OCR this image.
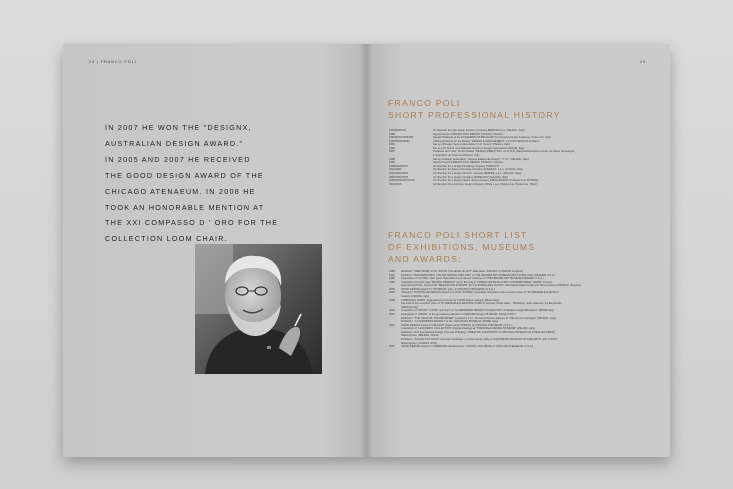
24 | FRANCO POLI
IN 2007 HE WON THE "DESIGNX,
AUSTRALIAN DESIGN AWARD."
IN 2005 AND 2007 HE RECEIVED
THE GOOD DESIGN AWARD OF THE
CHICAGO ATENAEUM. IN 2008 HE
TOOK AN HONORABLE MENTION AT
THE XXI COMPASSO D ' ORO FOR THE
COLLECTION LOOM CHAIR.
25
FRANCO POLI
SHORT PROFESSIONAL HISTORY
1978/80/81/82	Art direction for high design furniture company BERNINI s.p.a. (MILANO, Italy)
1988	Opens his own FRANCO POLI DESIGN STUDIO in Verona
1990/91/92/93/94/95	Design Professor at the ACCADEMIA DI BELLE ARTI di Venezia (Venice Academy of Fine Arts, Italy)
1992/93/94/95/96	Visiting professor for the Master "DESIGN & MANAGEMENT" c/o POLITECNICO di Milano
1994	Set up of Design Veneto Association "A.D. Veneto" (Padova, Italy)
1995	Set up of C.N.A.D. Civil National Council of Design Associations (ROME, Italy)
1997	Professor and "tutor" for the Master "DESIGN DIRECTION" c/o C.N.R. (National Research Centre) c/o Parco Tecnologico
e Scientifico del Sistema Molisano, Italy
1998	Set up of design association "Camera Italiana del Design" "C.I.D." (MILANO, Italy)
1999	Opens his own FRANCO POLI DESIGN STUDIO in Verona
1998/2000/2007	Art direction for a design furnishing company POZZUTTI
2001/2002	Art direction for glass processing company ZANASCO, s.p.a. (COCCO, Italy)
2001/2002/2003	Art direction for a design furniture company BERNINI s.p.a. (MILANO, Italy)
2002/2004/2005	Art direction for a design company MORELATO (Salizzole, Italy)
2008/2010/2011/2013	Art direction for a design interior doors company ESPIA (ESANO Grosseto from ROSSINI)
2014/2015	Art Direction for a furniture design company MOLE s.p.a. (Cordenons, Pordenone, ITALY)
FRANCO POLI SHORT LIST
OF EXHIBITIONS, MUSEUMS
AND AWARDS:
1983	Exhibition "SPECTRUM" at the "ROYAL COLLEGE OF ART" Walk class "KATANA" (LONDON, England)
1994	Exhibition "MASTERWORKS, ITALIAN DESIGN 1960-1994" at THE DENVER ART MUSEUM With FLYING Chair (DENVER U.S.A.)
1995	Acquisition of "FLYING" chair (post. Materials) at permanent collection of THE DENVER ART MUSEUM (DENVER U.S.A.)
1996	Acquisition of brush case "BOXING WINDOW" (prod. Bernini) at "FONDS NATIONAL D'ART CONTEMPORAIN" (PARIS, France)
International Prize, Interieur 96 "DESIGN FOR EUROPE" for "LA STANZA DEL VUOTO" with Gattamelata Kortrijk and Torino Foliza (KORTRIJK, Belgium)
2006	GOOD DESIGN Award for "INTRIGUE" sofa, of CHICAGO ATENAEUM (U.S.A.)
2007	"DesignX" AUSTRALIAN DESIGN Award for LOOM (SYDNEY, Australia). Renewal of the reception prize of "XII" BIENNALE D'ARTE di
Venezia (VENICE, Italy)
2008	COMPASSO D'ORO: Segnalazione d'Onore for LOOM (rhibon-designo Milano Italy)
Renewal of the reception prize of "XI" BIENNALE D'ARCHITETTURA di Venezia "Cieffe Italia", "Workshop" and restaurant "La Bombarde",
(VENICE Italy)
2009	Acquisition of "WHITE" "LOOM" and "EoT" at "la FARNESINA DESIGN COLLECTION" of Ministero degli Affari Esteri. (ROME Italy)
2010	Acquisition of "ARETE" at the permanent collection of MADAMA Design MUSEUM. (Nanjin P.R.P.)
Exhibition: "THE HAND OF THE DESIGNER" curated by F.A.I. (Fondo Ambiente Italiano) at "Villa Necchi Campiglio" (MILANO, Italy)
Exhibition: "LA FARNESINA DESIGN" at the "ARA PACIS MUSEUM" (ROME, Italy)
2011	GOOD DESIGN Award for DRAGON chaise (prod. TONON) of CHICAGO ATENAEUM (U.S.A.)
Acquisition of "LEONARDO COLLECTION" original drawings at "TRIENNALE DESIGN MUSEUM" (MILANO, Italy)
Exhibition: First International Design Triennial of Beijing: "CREATIVE JUNCTIONS" at NATIONAL MUSEUM OF CHINA with ARETE
Mattersgroup. (BEIJING, China)
Exhibition: "DOLCE STIL NOVO" domestic landscape in contemporary Italy at "KAOHSIUNG MUSEUM OF FINE ARTS" with "LOOM"
Mattersgroup. (TAIWAN, ROC)
2015	GOOD DESIGN Award for COMPASSO lamella (prod. YUSTON, ASIA ABCD) of CHICAGO ATENAEUM (U.S.A.)
